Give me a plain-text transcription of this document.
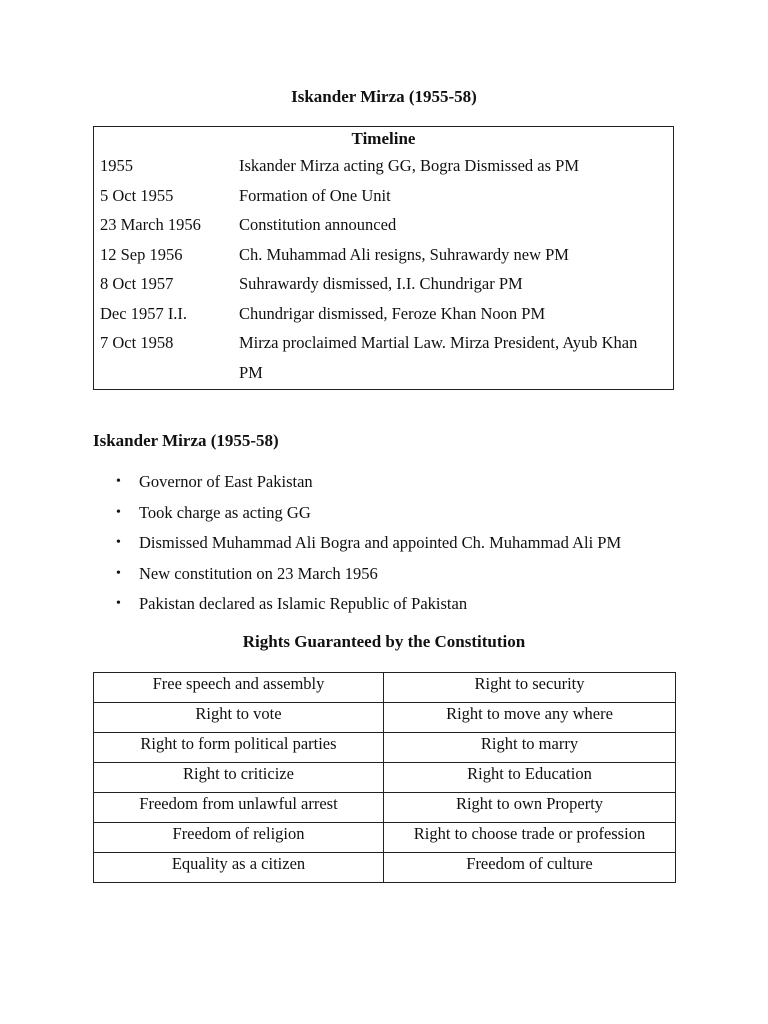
Iskander Mirza (1955-58)
Timeline
1955	Iskander Mirza acting GG, Bogra Dismissed as PM
5 Oct 1955	Formation of One Unit
23 March 1956 Constitution announced
12 Sep 1956	Ch. Muhammad Ali resigns, Suhrawardy new PM
8 Oct 1957	Suhrawardy dismissed, I.I. Chundrigar PM
Dec 1957 I.I.	Chundrigar dismissed, Feroze Khan Noon PM
7 Oct 1958	Mirza proclaimed Martial Law. Mirza President, Ayub Khan PM
Iskander Mirza (1955-58)
• Governor of East Pakistan
• Took charge as acting GG
• Dismissed Muhammad Ali Bogra and appointed Ch. Muhammad Ali PM
• New constitution on 23 March 1956
• Pakistan declared as Islamic Republic of Pakistan
Rights Guaranteed by the Constitution
Free speech and assembly	Right to security
Right to vote	Right to move any where
Right to form political parties	Right to marry
Right to criticize	Right to Education
Freedom from unlawful arrest	Right to own Property
Freedom of religion	Right to choose trade or profession
Equality as a citizen	Freedom of culture
